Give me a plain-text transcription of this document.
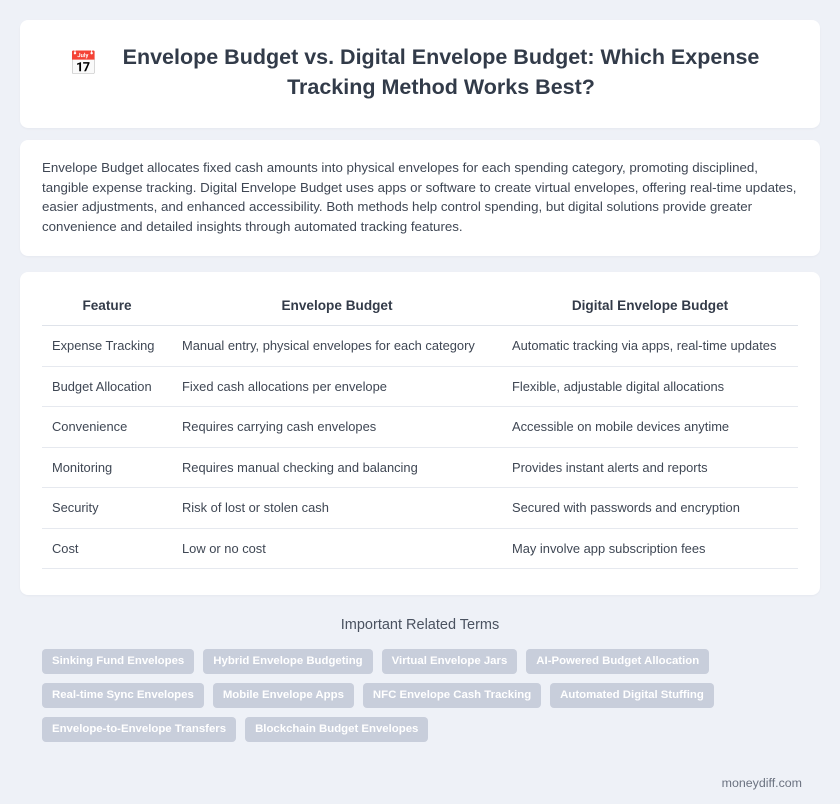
📅	Envelope Budget vs. Digital Envelope Budget: Which Expense Tracking Method Works Best?
Envelope Budget allocates fixed cash amounts into physical envelopes for each spending category, promoting disciplined, tangible expense tracking. Digital Envelope Budget uses apps or software to create virtual envelopes, offering real-time updates, easier adjustments, and enhanced accessibility. Both methods help control spending, but digital solutions provide greater convenience and detailed insights through automated tracking features.
Feature	Envelope Budget	Digital Envelope Budget
Expense Tracking	Manual entry, physical envelopes for each category	Automatic tracking via apps, real-time updates
Budget Allocation	Fixed cash allocations per envelope	Flexible, adjustable digital allocations
Convenience	Requires carrying cash envelopes	Accessible on mobile devices anytime
Monitoring	Requires manual checking and balancing	Provides instant alerts and reports
Security	Risk of lost or stolen cash	Secured with passwords and encryption
Cost	Low or no cost	May involve app subscription fees
Important Related Terms
Sinking Fund Envelopes	Hybrid Envelope Budgeting	Virtual Envelope Jars	AI-Powered Budget Allocation
Real-time Sync Envelopes	Mobile Envelope Apps	NFC Envelope Cash Tracking	Automated Digital Stuffing
Envelope-to-Envelope Transfers	Blockchain Budget Envelopes
moneydiff.com
